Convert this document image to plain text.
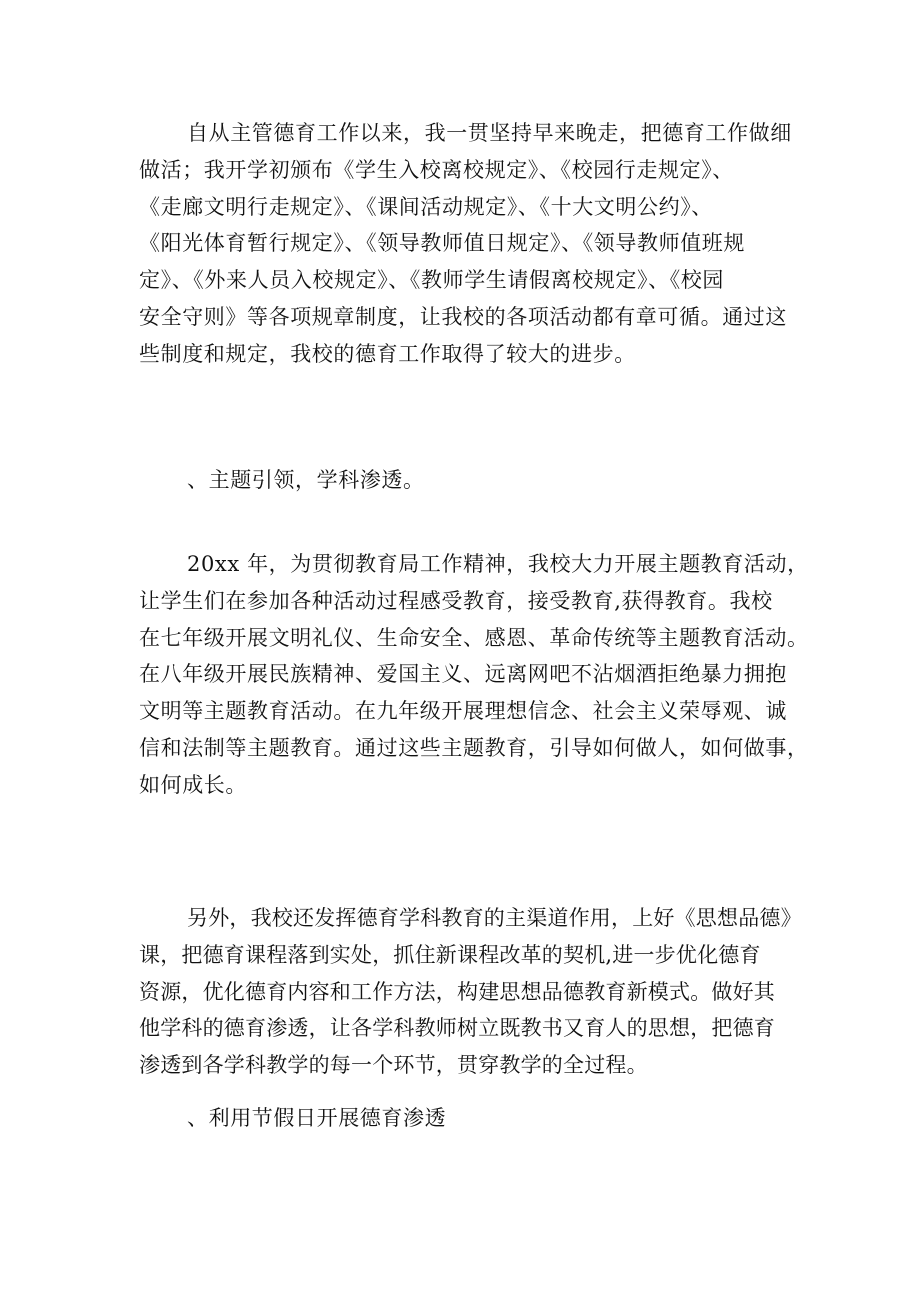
自从主管德育工作以来，我一贯坚持早来晚走，把德育工作做细
做活；我开学初颁布《学生入校离校规定》、《校园行走规定》、
《走廊文明行走规定》、《课间活动规定》、《十大文明公约》、
《阳光体育暂行规定》、《领导教师值日规定》、《领导教师值班规
定》、《外来人员入校规定》、《教师学生请假离校规定》、《校园
安全守则》等各项规章制度，让我校的各项活动都有章可循。通过这
些制度和规定，我校的德育工作取得了较大的进步。

、主题引领，学科渗透。

20xx 年，为贯彻教育局工作精神，我校大力开展主题教育活动，
让学生们在参加各种活动过程感受教育，接受教育,获得教育。我校
在七年级开展文明礼仪、生命安全、感恩、革命传统等主题教育活动。
在八年级开展民族精神、爱国主义、远离网吧不沾烟酒拒绝暴力拥抱
文明等主题教育活动。在九年级开展理想信念、社会主义荣辱观、诚
信和法制等主题教育。通过这些主题教育，引导如何做人，如何做事，
如何成长。

另外，我校还发挥德育学科教育的主渠道作用，上好《思想品德》
课，把德育课程落到实处，抓住新课程改革的契机,进一步优化德育
资源，优化德育内容和工作方法，构建思想品德教育新模式。做好其
他学科的德育渗透，让各学科教师树立既教书又育人的思想，把德育
渗透到各学科教学的每一个环节，贯穿教学的全过程。

、利用节假日开展德育渗透
